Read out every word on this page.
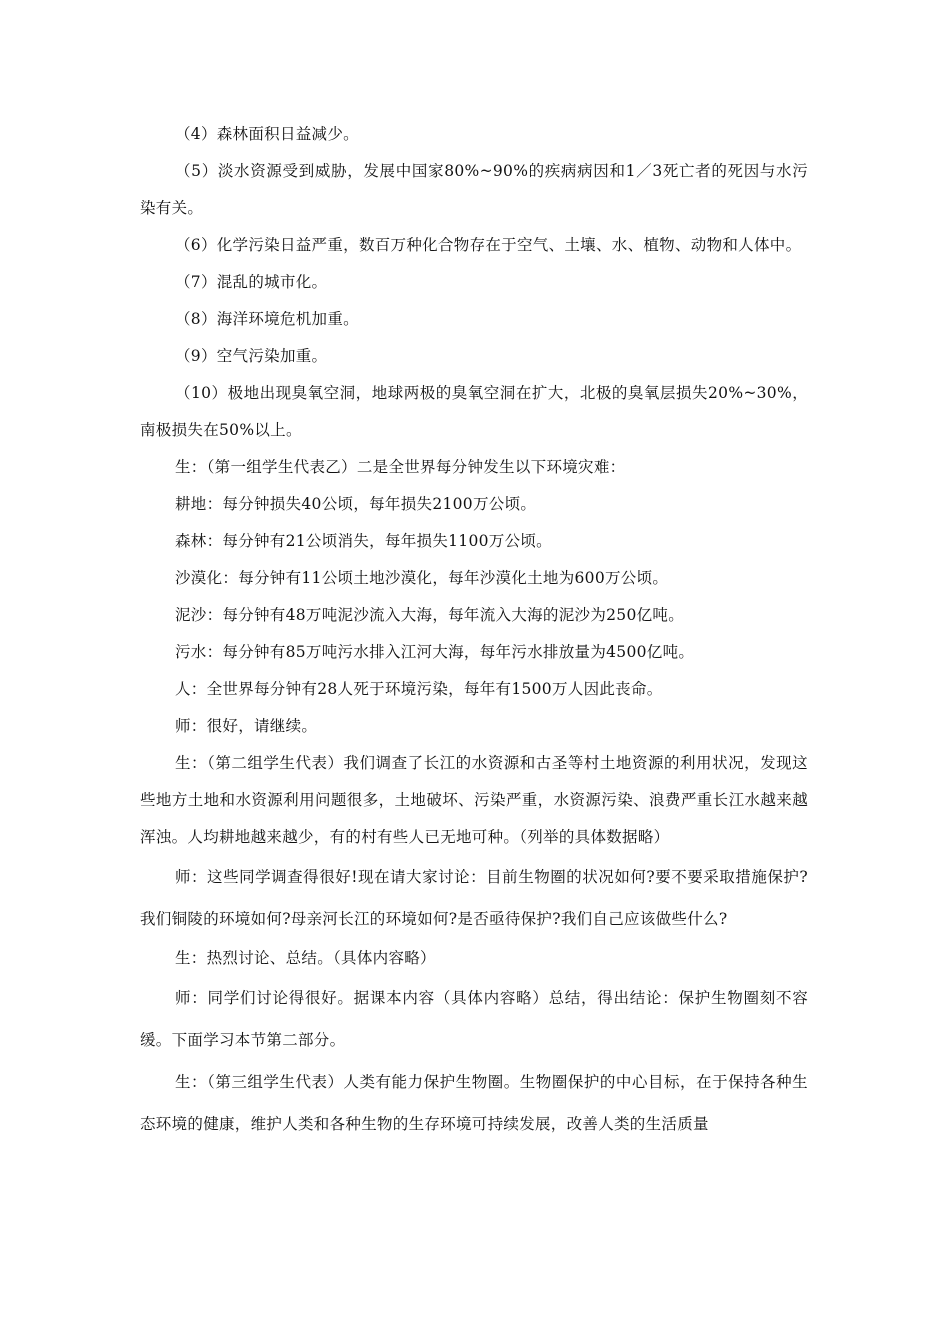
（4）森林面积日益减少。

（5）淡水资源受到威胁，发展中国家80%~90%的疾病病因和1／3死亡者的死因与水污染有关。

（6）化学污染日益严重，数百万种化合物存在于空气、土壤、水、植物、动物和人体中。

（7）混乱的城市化。

（8）海洋环境危机加重。

（9）空气污染加重。

（10）极地出现臭氧空洞，地球两极的臭氧空洞在扩大，北极的臭氧层损失20%~30%，南极损失在50%以上。

生：（第一组学生代表乙）二是全世界每分钟发生以下环境灾难：

耕地：每分钟损失40公顷，每年损失2100万公顷。

森林：每分钟有21公顷消失，每年损失1100万公顷。

沙漠化：每分钟有11公顷土地沙漠化，每年沙漠化土地为600万公顷。

泥沙：每分钟有48万吨泥沙流入大海，每年流入大海的泥沙为250亿吨。

污水：每分钟有85万吨污水排入江河大海，每年污水排放量为4500亿吨。

人：全世界每分钟有28人死于环境污染，每年有1500万人因此丧命。

师：很好，请继续。

生：（第二组学生代表）我们调查了长江的水资源和古圣等村土地资源的利用状况，发现这些地方土地和水资源利用问题很多，土地破坏、污染严重，水资源污染、浪费严重长江水越来越浑浊。人均耕地越来越少，有的村有些人已无地可种。（列举的具体数据略）

师：这些同学调查得很好!现在请大家讨论：目前生物圈的状况如何?要不要采取措施保护?我们铜陵的环境如何?母亲河长江的环境如何?是否亟待保护?我们自己应该做些什么?

生：热烈讨论、总结。（具体内容略）

师：同学们讨论得很好。据课本内容（具体内容略）总结，得出结论：保护生物圈刻不容缓。下面学习本节第二部分。

生：（第三组学生代表）人类有能力保护生物圈。生物圈保护的中心目标，在于保持各种生态环境的健康，维护人类和各种生物的生存环境可持续发展，改善人类的生活质量
